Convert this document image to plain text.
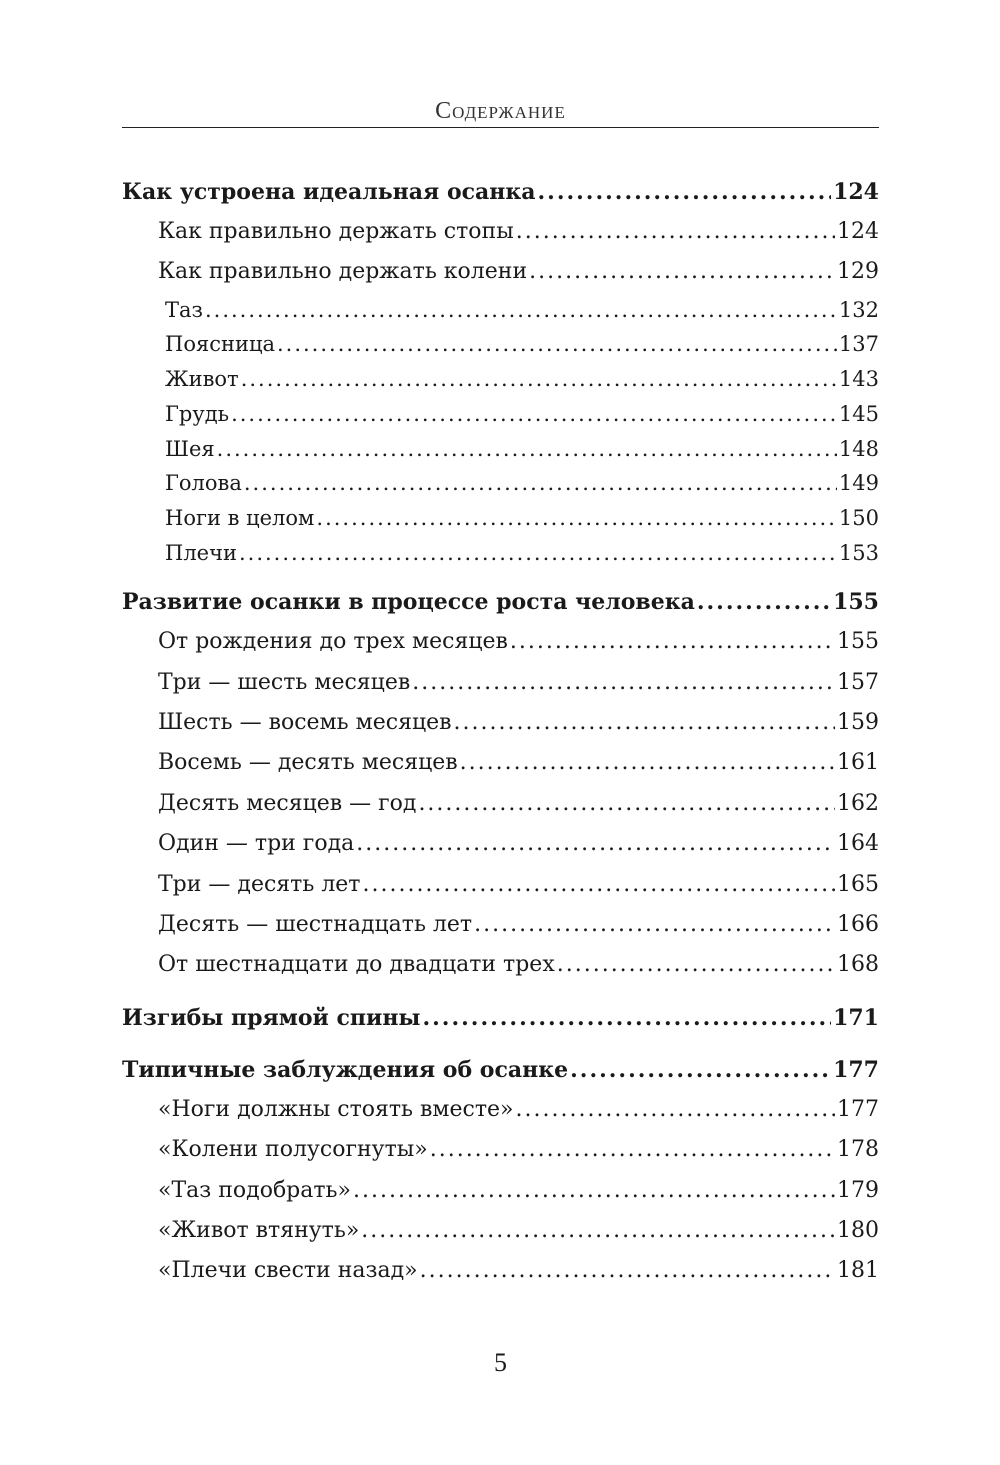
Содержание
Как устроена идеальная осанка .....	124
Как правильно держать стопы .....	124
Как правильно держать колени .....	129
Таз .....	132
Поясница .....	137
Живот .....	143
Грудь .....	145
Шея .....	148
Голова .....	149
Ноги в целом .....	150
Плечи .....	153
Развитие осанки в процессе роста человека .....	155
От рождения до трех месяцев .....	155
Три — шесть месяцев .....	157
Шесть — восемь месяцев .....	159
Восемь — десять месяцев .....	161
Десять месяцев — год .....	162
Один — три года .....	164
Три — десять лет .....	165
Десять — шестнадцать лет .....	166
От шестнадцати до двадцати трех .....	168
Изгибы прямой спины .....	171
Типичные заблуждения об осанке .....	177
«Ноги должны стоять вместе» .....	177
«Колени полусогнуты» .....	178
«Таз подобрать» .....	179
«Живот втянуть» .....	180
«Плечи свести назад» .....	181
5
